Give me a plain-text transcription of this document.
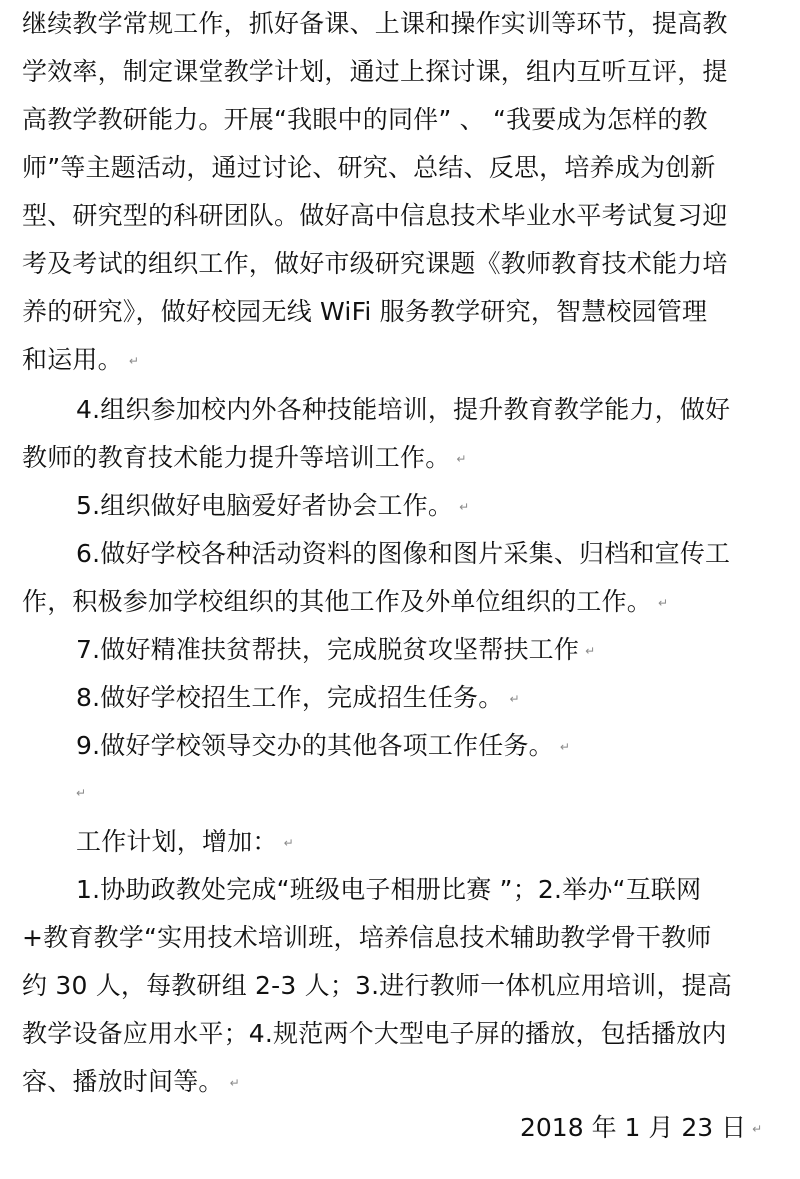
继续教学常规工作，抓好备课、上课和操作实训等环节，提高教
学效率，制定课堂教学计划，通过上探讨课，组内互听互评，提
高教学教研能力。开展“我眼中的同伴” 、 “我要成为怎样的教
师”等主题活动，通过讨论、研究、总结、反思，培养成为创新
型、研究型的科研团队。做好高中信息技术毕业水平考试复习迎
考及考试的组织工作，做好市级研究课题《教师教育技术能力培
养的研究》，做好校园无线 WiFi 服务教学研究，智慧校园管理
和运用。 ↵
4.组织参加校内外各种技能培训，提升教育教学能力，做好
教师的教育技术能力提升等培训工作。 ↵
5.组织做好电脑爱好者协会工作。 ↵
6.做好学校各种活动资料的图像和图片采集、归档和宣传工
作，积极参加学校组织的其他工作及外单位组织的工作。 ↵
7.做好精准扶贫帮扶，完成脱贫攻坚帮扶工作 ↵
8.做好学校招生工作，完成招生任务。 ↵
9.做好学校领导交办的其他各项工作任务。 ↵
↵
工作计划，增加： ↵
1.协助政教处完成“班级电子相册比赛 ”；2.举办“互联网
+教育教学“实用技术培训班，培养信息技术辅助教学骨干教师
约 30 人，每教研组 2-3 人；3.进行教师一体机应用培训，提高
教学设备应用水平；4.规范两个大型电子屏的播放，包括播放内
容、播放时间等。 ↵
2018 年 1 月 23 日 ↵
